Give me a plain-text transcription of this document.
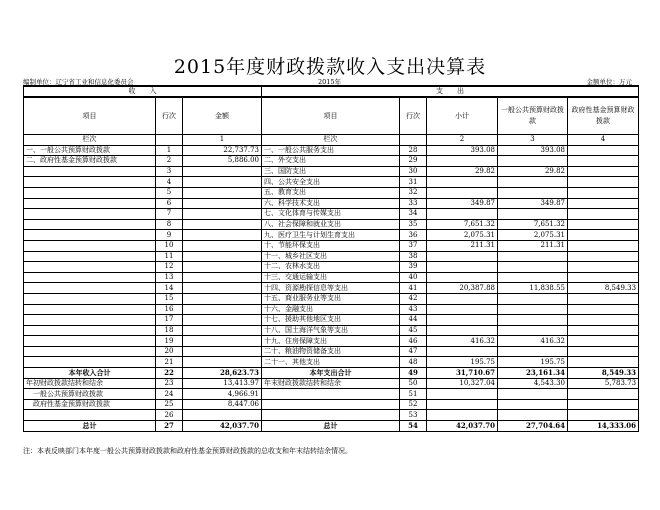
2015年度财政拨款收入支出决算表
编制单位：辽宁省工业和信息化委员会	2015年	金额单位：万元
收　　入			支　　出				
项目	行次	金额	项目	行次	小计	一般公共预算财政拨款	政府性基金预算财政拨款
栏次		1	栏次		2	3	4
一、一般公共预算财政拨款	1	22,737.73	一、一般公共服务支出	28	393.08	393.08	
二、政府性基金预算财政拨款	2	5,886.00	二、外交支出	29			
	3		三、国防支出	30	29.82	29.82	
	4		四、公共安全支出	31			
	5		五、教育支出	32			
	6		六、科学技术支出	33	349.87	349.87	
	7		七、文化体育与传媒支出	34			
	8		八、社会保障和就业支出	35	7,651.32	7,651.32	
	9		九、医疗卫生与计划生育支出	36	2,075.31	2,075.31	
	10		十、节能环保支出	37	211.31	211.31	
	11		十一、城乡社区支出	38			
	12		十二、农林水支出	39			
	13		十三、交通运输支出	40			
	14		十四、资源勘探信息等支出	41	20,387.88	11,838.55	8,549.33
	15		十五、商业服务业等支出	42			
	16		十六、金融支出	43			
	17		十七、援助其他地区支出	44			
	18		十八、国土海洋气象等支出	45			
	19		十九、住房保障支出	46	416.32	416.32	
	20		二十、粮油物资储备支出	47			
	21		二十一、其他支出	48	195.75	195.75	
本年收入合计	22	28,623.73	本年支出合计	49	31,710.67	23,161.34	8,549.33
年初财政拨款结转和结余	23	13,413.97	年末财政拨款结转和结余	50	10,327.04	4,543.30	5,783.73
一般公共预算财政拨款	24	4,966.91		51			
政府性基金预算财政拨款	25	8,447.06		52			
	26			53			
总计	27	42,037.70	总计	54	42,037.70	27,704.64	14,333.06
注：本表反映部门本年度一般公共预算财政拨款和政府性基金预算财政拨款的总收支和年末结转结余情况。
